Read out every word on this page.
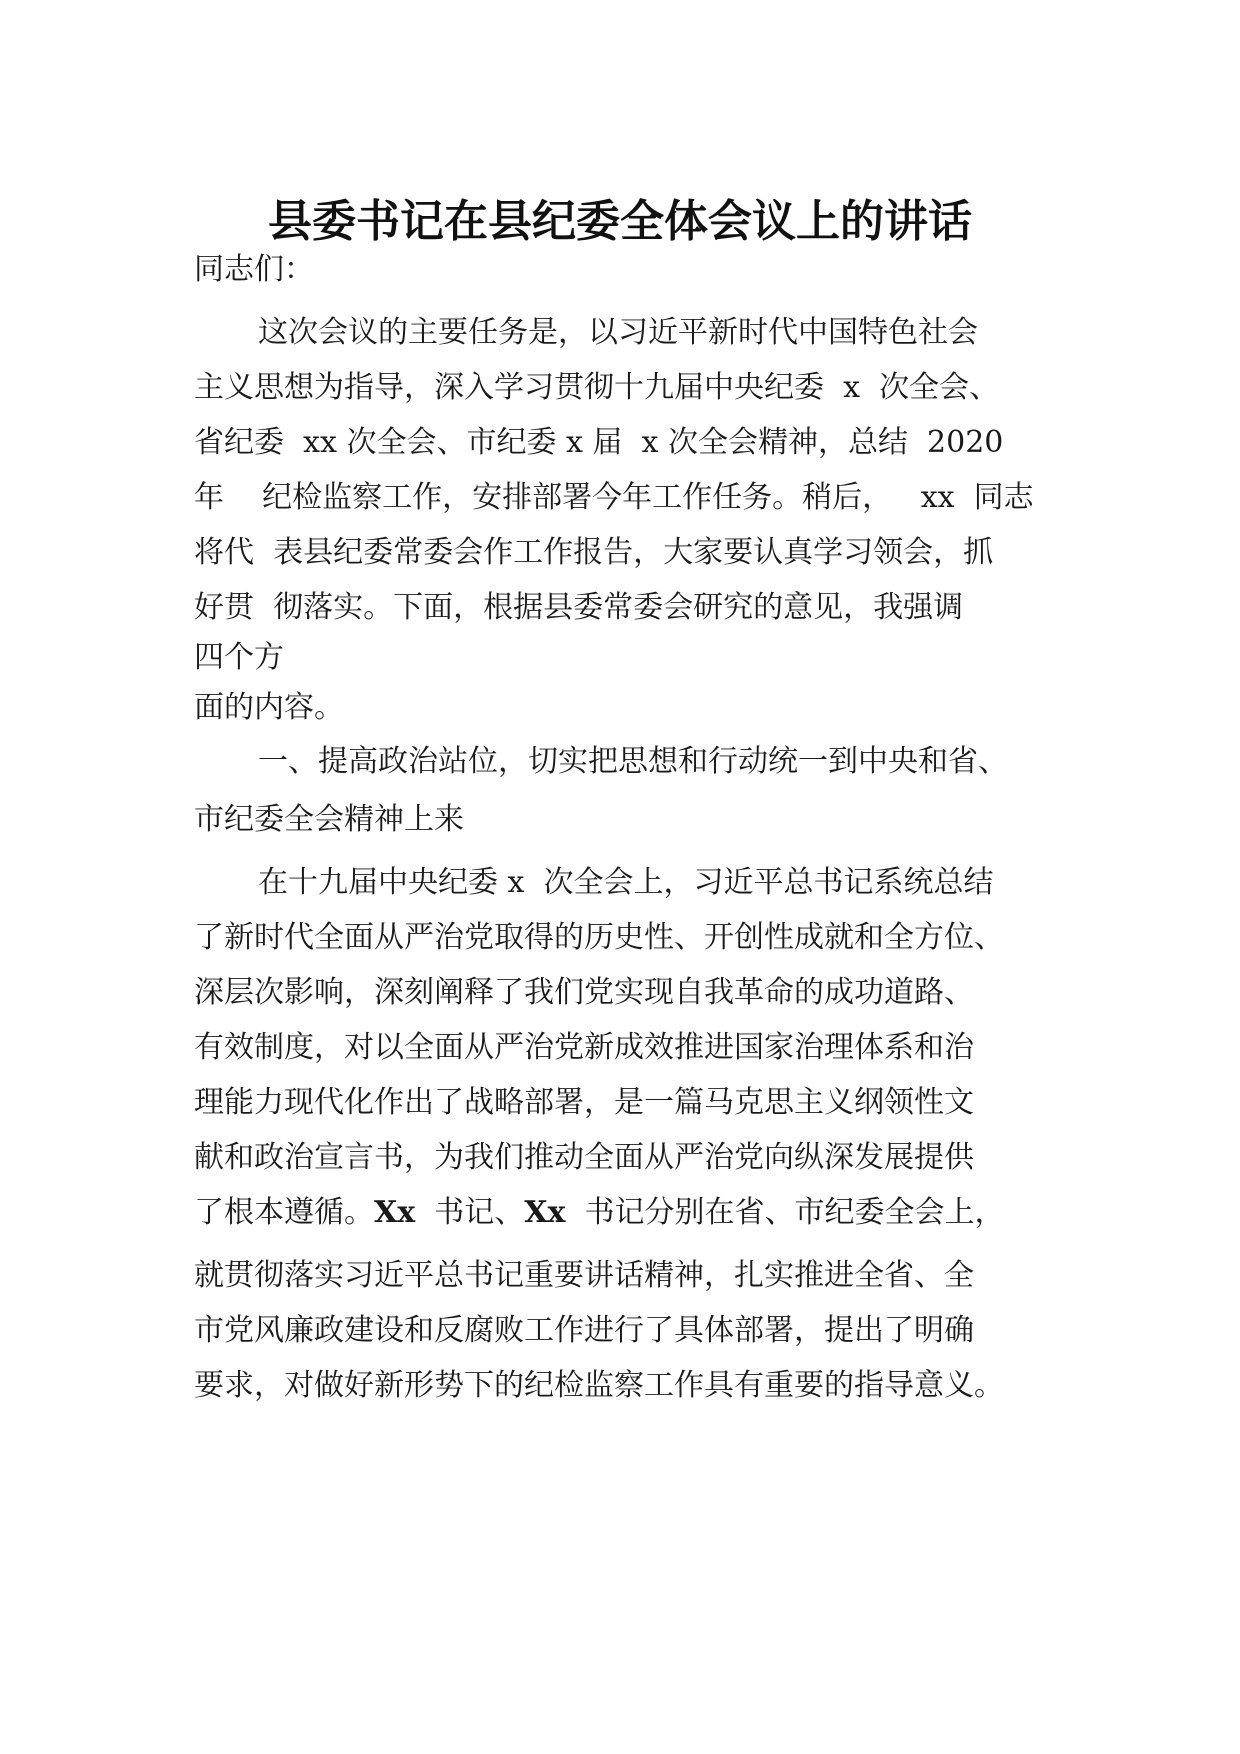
县委书记在县纪委全体会议上的讲话
同志们：
这次会议的主要任务是，以习近平新时代中国特色社会
主义思想为指导，深入学习贯彻十九届中央纪委  x  次全会、
省纪委  xx 次全会、市纪委 x 届  x 次全会精神，总结  2020
年    纪检监察工作，安排部署今年工作任务。稍后，   xx  同志
将代  表县纪委常委会作工作报告，大家要认真学习领会，抓
好贯  彻落实。下面，根据县委常委会研究的意见，我强调
四个方
面的内容。
一、提高政治站位，切实把思想和行动统一到中央和省、
市纪委全会精神上来
在十九届中央纪委 x  次全会上，习近平总书记系统总结
了新时代全面从严治党取得的历史性、开创性成就和全方位、
深层次影响，深刻阐释了我们党实现自我革命的成功道路、
有效制度，对以全面从严治党新成效推进国家治理体系和治
理能力现代化作出了战略部署，是一篇马克思主义纲领性文
献和政治宣言书，为我们推动全面从严治党向纵深发展提供
了根本遵循。Xx  书记、Xx  书记分别在省、市纪委全会上，
就贯彻落实习近平总书记重要讲话精神，扎实推进全省、全
市党风廉政建设和反腐败工作进行了具体部署，提出了明确
要求，对做好新形势下的纪检监察工作具有重要的指导意义。
